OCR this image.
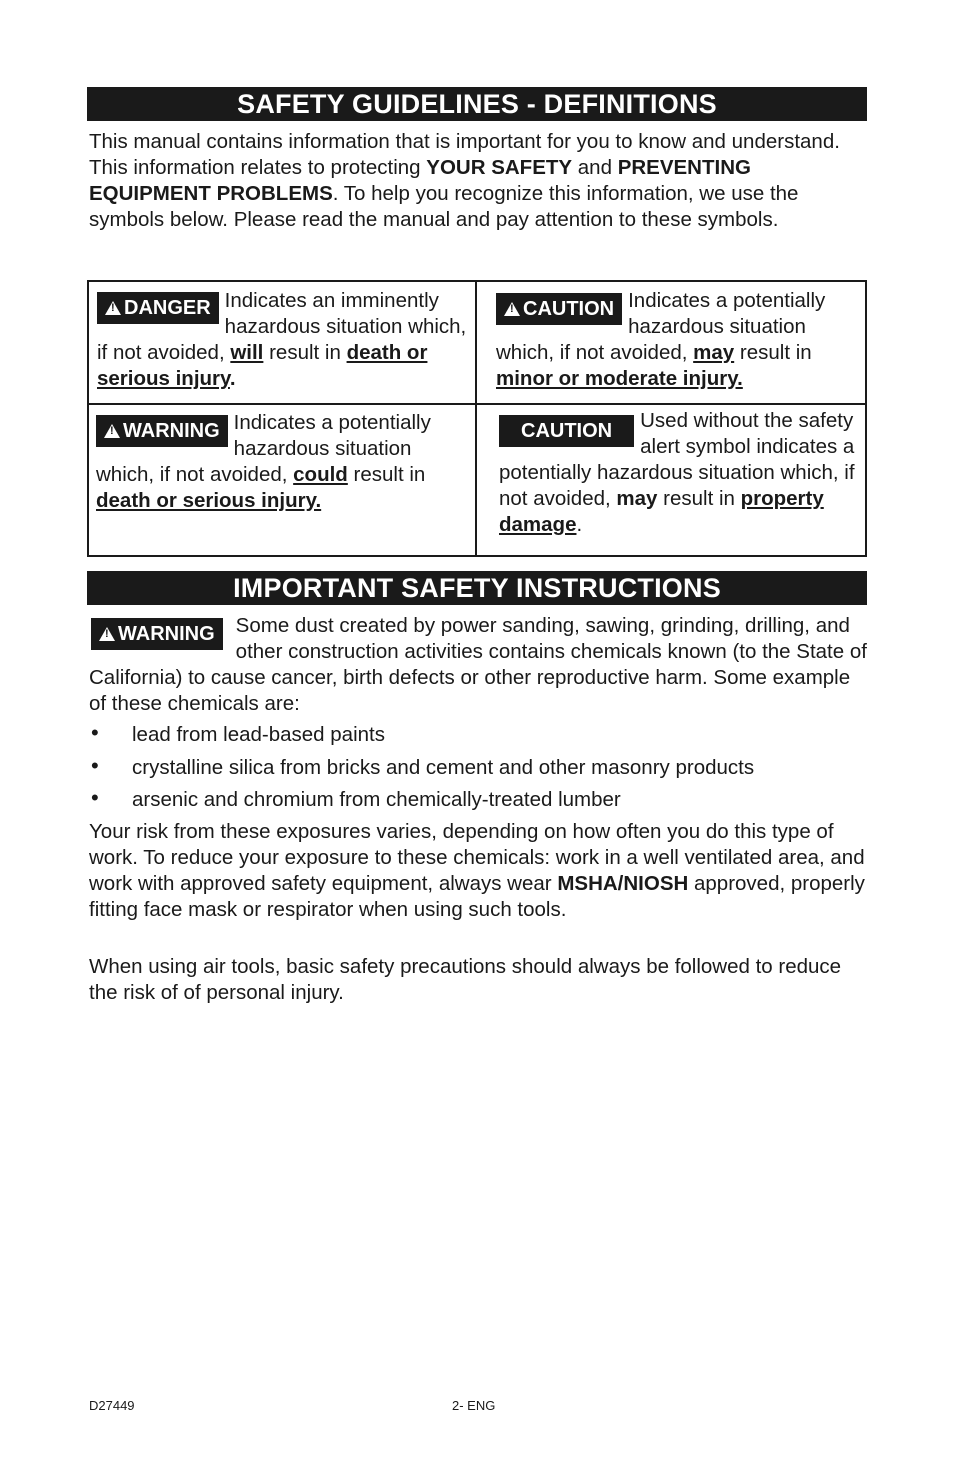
SAFETY GUIDELINES - DEFINITIONS

This manual contains information that is important for you to know and understand. This information relates to protecting YOUR SAFETY and PREVENTING EQUIPMENT PROBLEMS. To help you recognize this information, we use the symbols below. Please read the manual and pay attention to these symbols.

!DANGER Indicates an imminently hazardous situation which, if not avoided, will result in death or serious injury.
!CAUTION Indicates a potentially hazardous situation which, if not avoided, may result in minor or moderate injury.
!WARNING Indicates a potentially hazardous situation which, if not avoided, could result in death or serious injury.
CAUTION	Used without the safety alert symbol indicates a potentially hazardous situation which, if not avoided, may result in property damage.
IMPORTANT SAFETY INSTRUCTIONS
!WARNING	Some dust created by power sanding, sawing, grinding, drilling, and other construction activities contains chemicals known (to the State of California) to cause cancer, birth defects or other reproductive harm. Some example of these chemicals are:
• lead from lead-based paints
• crystalline silica from bricks and cement and other masonry products
• arsenic and chromium from chemically-treated lumber

Your risk from these exposures varies, depending on how often you do this type of work. To reduce your exposure to these chemicals: work in a well ventilated area, and work with approved safety equipment, always wear MSHA/NIOSH approved, properly fitting face mask or respirator when using such tools.

When using air tools, basic safety precautions should always be followed to reduce the risk of of personal injury.

D27449	2- ENG
